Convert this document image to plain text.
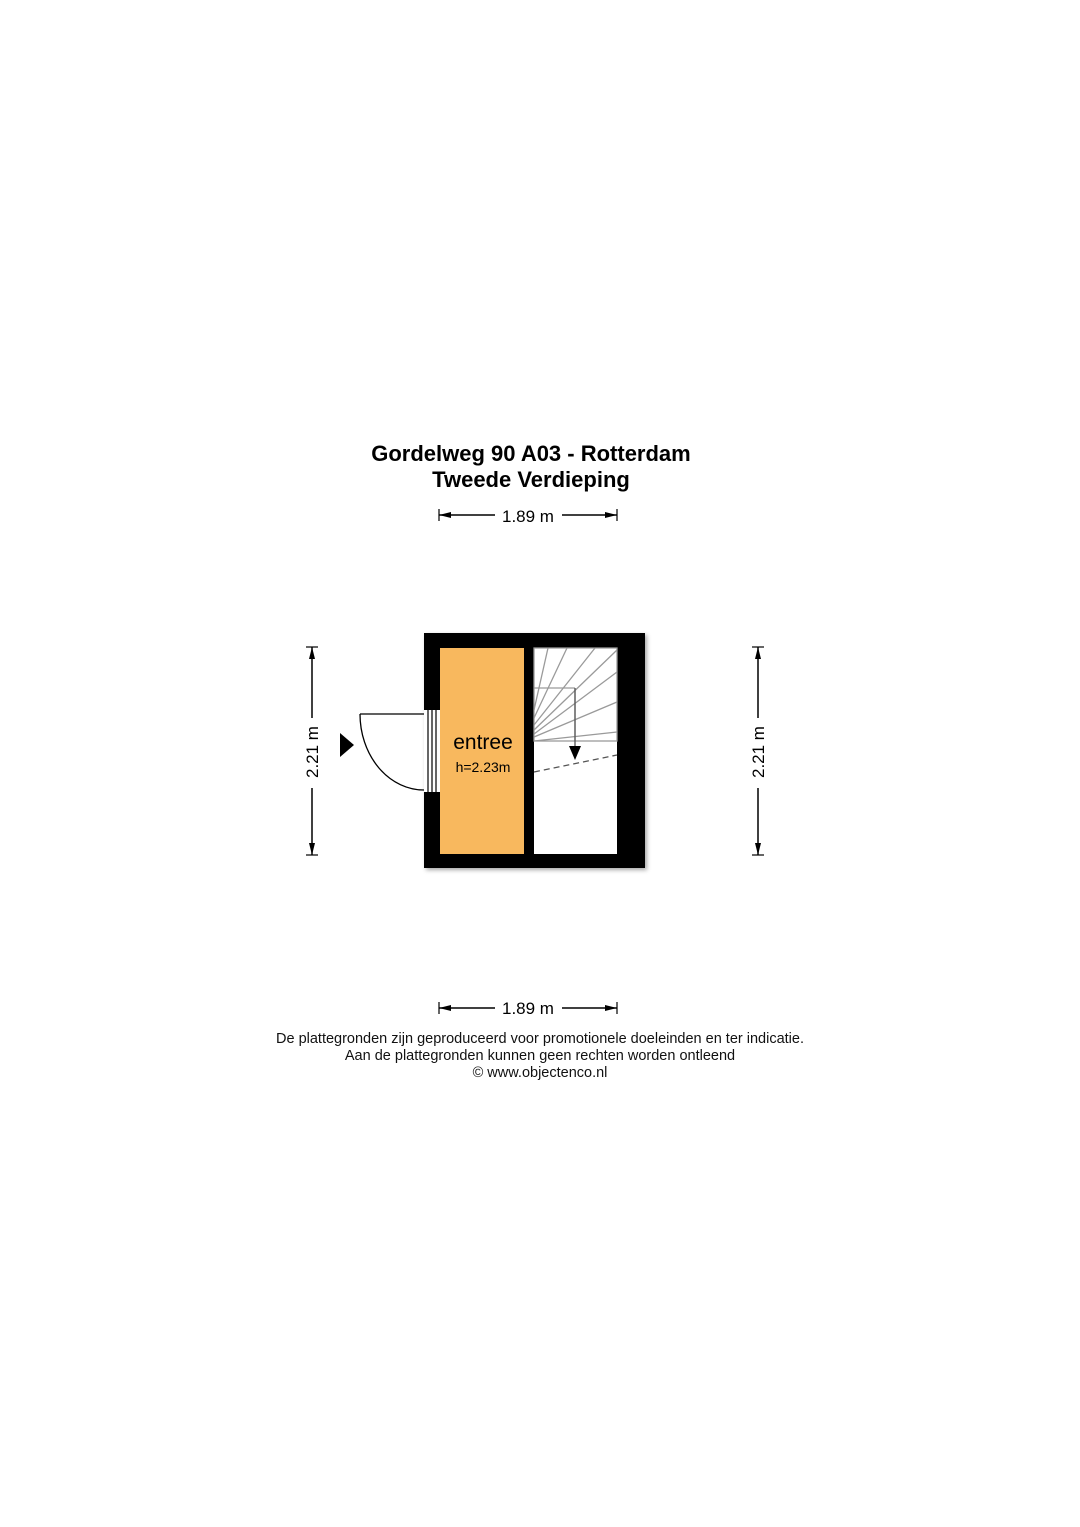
Gordelweg 90 A03 - Rotterdam
Tweede Verdieping
1.89 m
1.89 m
2.21 m	2.21 m
entree
h=2.23m
De plattegronden zijn geproduceerd voor promotionele doeleinden en ter indicatie.
Aan de plattegronden kunnen geen rechten worden ontleend
© www.objectenco.nl
